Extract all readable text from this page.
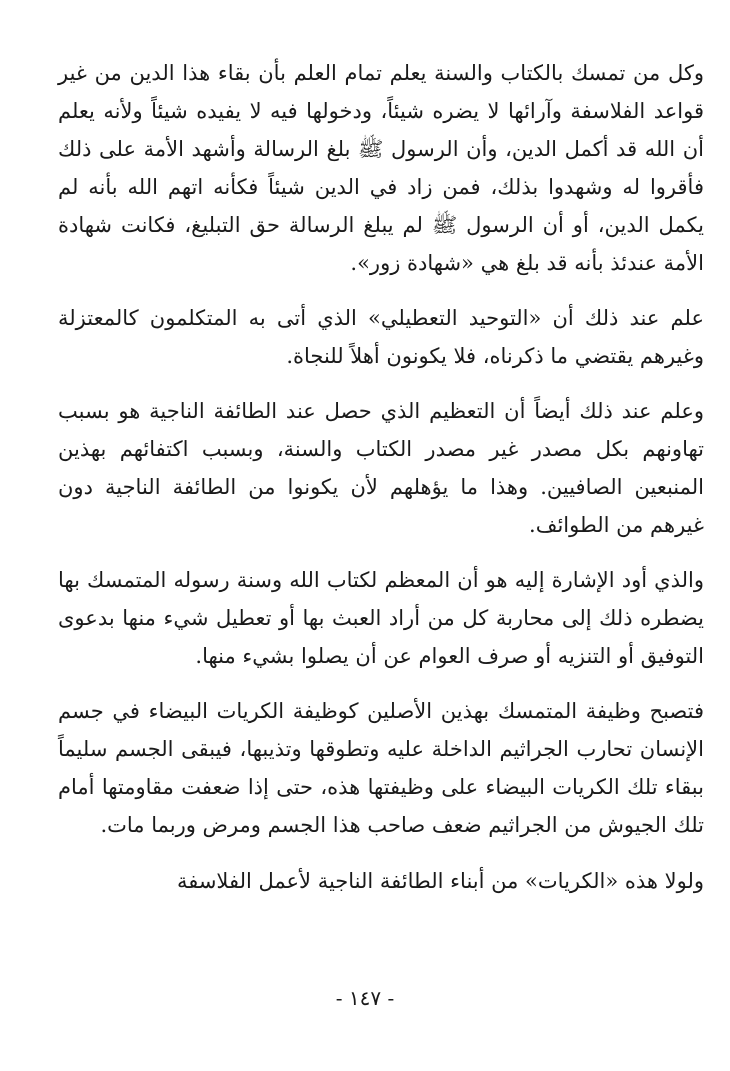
وكل من تمسك بالكتاب والسنة يعلم تمام العلم بأن بقاء هذا الدين من غير قواعد الفلاسفة وآرائها لا يضره شيئاً، ودخولها فيه لا يفيده شيئاً ولأنه يعلم أن الله قد أكمل الدين، وأن الرسول ﷺ بلغ الرسالة وأشهد الأمة على ذلك فأقروا له وشهدوا بذلك، فمن زاد في الدين شيئاً فكأنه اتهم الله بأنه لم يكمل الدين، أو أن الرسول ﷺ لم يبلغ الرسالة حق التبليغ، فكانت شهادة الأمة عندئذ بأنه قد بلغ هي «شهادة زور».

علم عند ذلك أن «التوحيد التعطيلي» الذي أتى به المتكلمون كالمعتزلة وغيرهم يقتضي ما ذكرناه، فلا يكونون أهلاً للنجاة.

وعلم عند ذلك أيضاً أن التعظيم الذي حصل عند الطائفة الناجية هو بسبب تهاونهم بكل مصدر غير مصدر الكتاب والسنة، وبسبب اكتفائهم بهذين المنبعين الصافيين. وهذا ما يؤهلهم لأن يكونوا من الطائفة الناجية دون غيرهم من الطوائف.

والذي أود الإشارة إليه هو أن المعظم لكتاب الله وسنة رسوله المتمسك بها يضطره ذلك إلى محاربة كل من أراد العبث بها أو تعطيل شيء منها بدعوى التوفيق أو التنزيه أو صرف العوام عن أن يصلوا بشيء منها.

فتصبح وظيفة المتمسك بهذين الأصلين كوظيفة الكريات البيضاء في جسم الإنسان تحارب الجراثيم الداخلة عليه وتطوقها وتذيبها، فيبقى الجسم سليماً ببقاء تلك الكريات البيضاء على وظيفتها هذه، حتى إذا ضعفت مقاومتها أمام تلك الجيوش من الجراثيم ضعف صاحب هذا الجسم ومرض وربما مات.

ولولا هذه «الكريات» من أبناء الطائفة الناجية لأعمل الفلاسفة

- ١٤٧ -
